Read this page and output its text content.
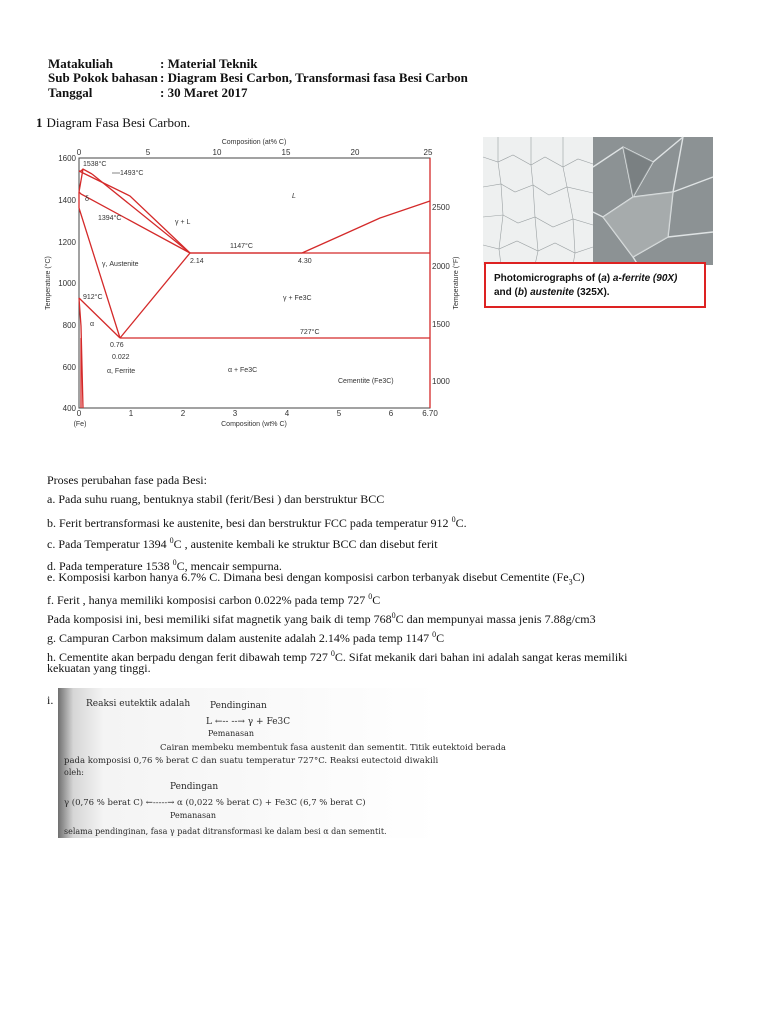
Matakuliah	: Material Teknik
Sub Pokok bahasan : Diagram Besi Carbon, Transformasi fasa Besi Carbon
Tanggal	: 30 Maret 2017
1 Diagram Fasa Besi Carbon.
Composition (at% C)
0	5	10	15	20	25
0	1	2	3	4	5	6	6.70
(Fe)	Composition (wt% C)
1600
1400
1200
1000
800
600
400
Temperature (°C)
2500
2000
1500
1000
Temperature (°F)
1538°C
1493°C
δ
1394°C
γ + L
L
1147°C
2.14	4.30
γ, Austenite
912°C	γ + Fe3C
α
727°C
0.76
0.022
α, Ferrite	α + Fe3C
Cementite (Fe3C)
Photomicrographs of (a) a-ferrite (90X)
and (b) austenite (325X).

Proses perubahan fase pada Besi:

a. Pada suhu ruang, bentuknya stabil (ferit/Besi ) dan berstruktur BCC

b. Ferit bertransformasi ke austenite, besi dan berstruktur FCC pada temperatur 912 $^0$C.

c. Pada Temperatur 1394 $^0$C , austenite kembali ke struktur BCC dan disebut ferit

d. Pada temperature 1538 $^0$C, mencair sempurna.

e. Komposisi karbon hanya 6.7% C. Dimana besi dengan komposisi carbon terbanyak disebut Cementite $(Fe_3C)$

f. Ferit , hanya memiliki komposisi carbon 0.022% pada temp 727 $^0$C

Pada komposisi ini, besi memiliki sifat magnetik yang baik di temp $768^0C$ dan mempunyai massa jenis 7.88g/cm3

g. Campuran Carbon maksimum dalam austenite adalah 2.14% pada temp 1147 $^0$C

h. Cementite akan berpadu dengan ferit dibawah temp 727 $^0$C. Sifat mekanik dari bahan ini adalah sangat keras memiliki

kekuatan yang tinggi.

i.	Reaksi eutektik adalah Pendinginan
L ←-- --→ γ + Fe3C
Pemanasan
Cairan membeku membentuk fasa austenit dan sementit. Titik eutektoid berada
pada komposisi 0,76 % berat C dan suatu temperatur 727°C. Reaksi eutectoid diwakili
oleh:
Pendingan
γ (0,76 % berat C) ←-----→ α (0,022 % berat C) + Fe3C (6,7 % berat C)
Pemanasan
selama pendinginan, fasa γ padat ditransformasi ke dalam besi α dan sementit.
